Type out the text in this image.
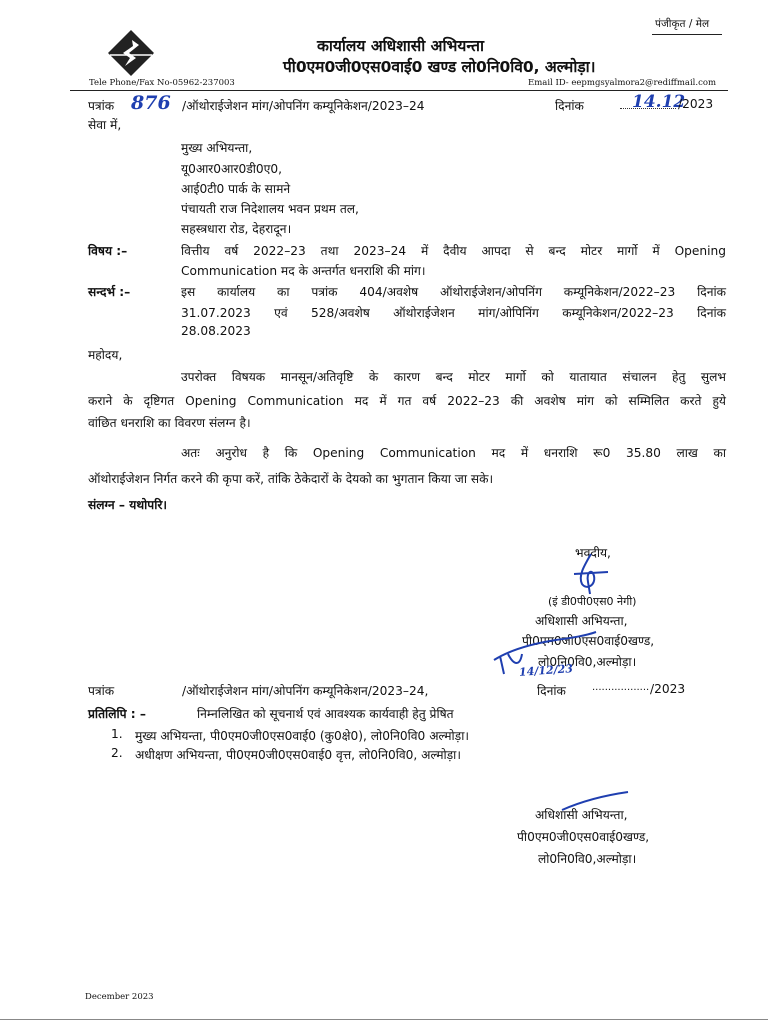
पंजीकृत / मेल
कार्यालय अधिशासी अभियन्ता
पी0एम0जी0एस0वाई0 खण्ड लो0नि0वि0, अल्मोड़ा।
Tele Phone/Fax No-05962-237003	Email ID- eepmgsyalmora2@rediffmail.com
पत्रांक 876 /ऑथोराईजेशन मांग/ओपनिंग कम्यूनिकेशन/2023–24	दिनांक	14.12
/2023
सेवा में,
मुख्य अभियन्ता,
यू0आर0आर0डी0ए0,
आई0टी0 पार्क के सामने
पंचायती राज निदेशालय भवन प्रथम तल,
सहस्त्रधारा रोड, देहरादून।
विषय :–	वित्तीय वर्ष 2022–23 तथा 2023–24 में दैवीय आपदा से बन्द मोटर मार्गो में Opening
Communication मद के अन्तर्गत धनराशि की मांग।
सन्दर्भ :–	इस कार्यालय का पत्रांक 404/अवशेष ऑथोराईजेशन/ओपनिंग कम्यूनिकेशन/2022–23 दिनांक
31.07.2023 एवं 528/अवशेष ऑथोराईजेशन मांग/ओपिनिंग कम्यूनिकेशन/2022–23 दिनांक
28.08.2023
महोदय,
उपरोक्त विषयक मानसून/अतिवृष्टि के कारण बन्द मोटर मार्गो को यातायात संचालन हेतु सुलभ
कराने के दृष्टिगत Opening Communication मद में गत वर्ष 2022–23 की अवशेष मांग को सम्मिलित करते हुये
वांछित धनराशि का विवरण संलग्न है।
अतः अनुरोध है कि Opening Communication मद में धनराशि रू0 35.80 लाख का
ऑथोराईजेशन निर्गत करने की कृपा करें, तांकि ठेकेदारों के देयको का भुगतान किया जा सके।
संलग्न – यथोपरि।
भवदीय,
(इं डी0पी0एस0 नेगी)
अधिशासी अभियन्ता,
पी0एम0जी0एस0वाई0खण्ड,
लो0नि0वि0,अल्मोड़ा।
14/12/23
पत्रांक	/ऑथोराईजेशन मांग/ओपनिंग कम्यूनिकेशन/2023–24,	दिनांक	.................. /2023
प्रतिलिपि : –	निम्नलिखित को सूचनार्थ एवं आवश्यक कार्यवाही हेतु प्रेषित
1. मुख्य अभियन्ता, पी0एम0जी0एस0वाई0 (कु0क्षे0), लो0नि0वि0 अल्मोड़ा।
2. अधीक्षण अभियन्ता, पी0एम0जी0एस0वाई0 वृत्त, लो0नि0वि0, अल्मोड़ा।
अधिशासी अभियन्ता,
पी0एम0जी0एस0वाई0खण्ड,
लो0नि0वि0,अल्मोड़ा।
December 2023
